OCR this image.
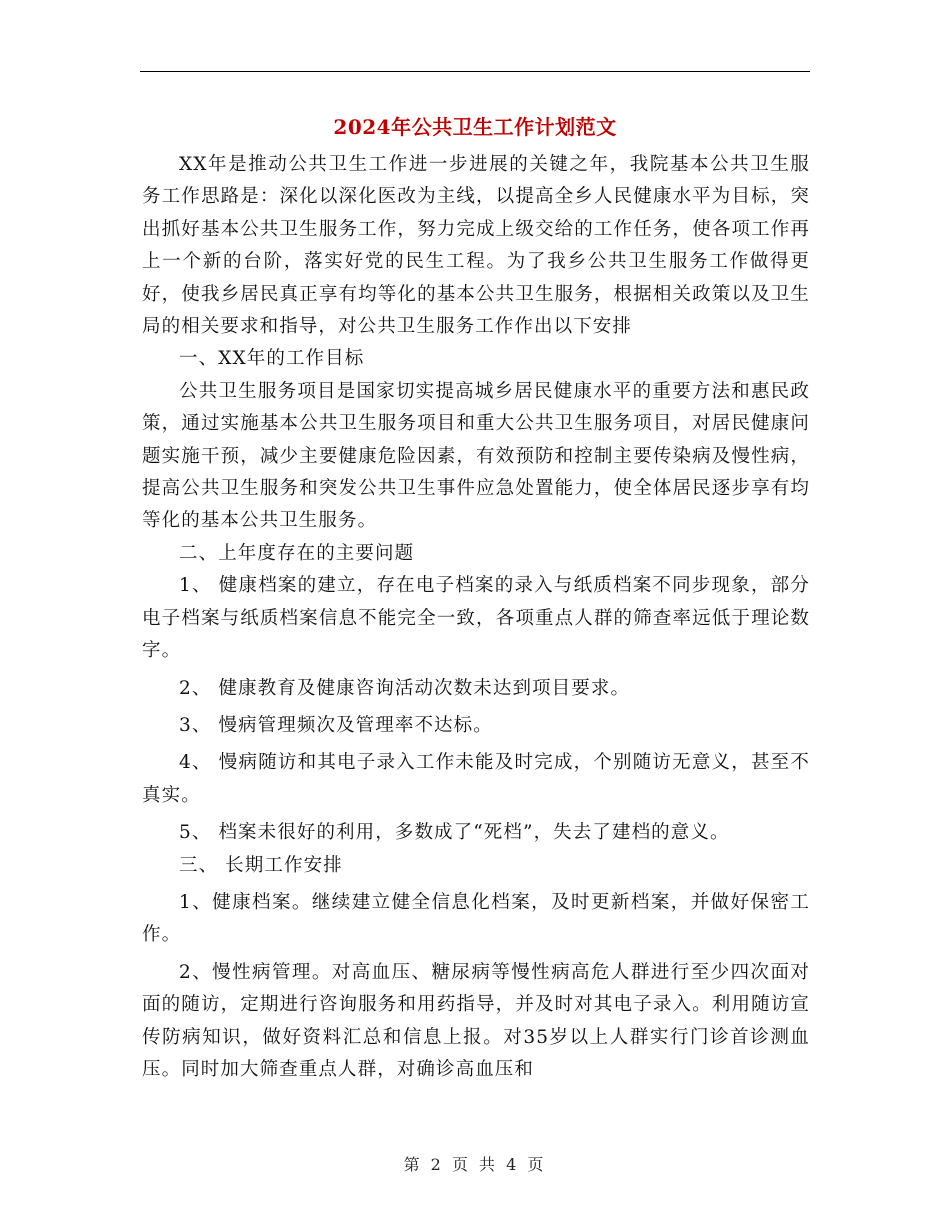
2024年公共卫生工作计划范文

XX年是推动公共卫生工作进一步进展的关键之年，我院基本公共卫生服务工作思路是：深化以深化医改为主线，以提高全乡人民健康水平为目标，突出抓好基本公共卫生服务工作，努力完成上级交给的工作任务，使各项工作再上一个新的台阶，落实好党的民生工程。为了我乡公共卫生服务工作做得更好，使我乡居民真正享有均等化的基本公共卫生服务，根据相关政策以及卫生局的相关要求和指导，对公共卫生服务工作作出以下安排

一、XX年的工作目标

公共卫生服务项目是国家切实提高城乡居民健康水平的重要方法和惠民政策，通过实施基本公共卫生服务项目和重大公共卫生服务项目，对居民健康问题实施干预，减少主要健康危险因素，有效预防和控制主要传染病及慢性病，提高公共卫生服务和突发公共卫生事件应急处置能力，使全体居民逐步享有均等化的基本公共卫生服务。

二、上年度存在的主要问题

1、 健康档案的建立，存在电子档案的录入与纸质档案不同步现象，部分电子档案与纸质档案信息不能完全一致，各项重点人群的筛查率远低于理论数字。

2、 健康教育及健康咨询活动次数未达到项目要求。

3、 慢病管理频次及管理率不达标。

4、 慢病随访和其电子录入工作未能及时完成，个别随访无意义，甚至不真实。

5、 档案未很好的利用，多数成了“死档”，失去了建档的意义。

三、 长期工作安排

1、健康档案。继续建立健全信息化档案，及时更新档案，并做好保密工作。

2、慢性病管理。对高血压、糖尿病等慢性病高危人群进行至少四次面对面的随访，定期进行咨询服务和用药指导，并及时对其电子录入。利用随访宣传防病知识，做好资料汇总和信息上报。对35岁以上人群实行门诊首诊测血压。同时加大筛查重点人群，对确诊高血压和

第 2 页 共 4 页
